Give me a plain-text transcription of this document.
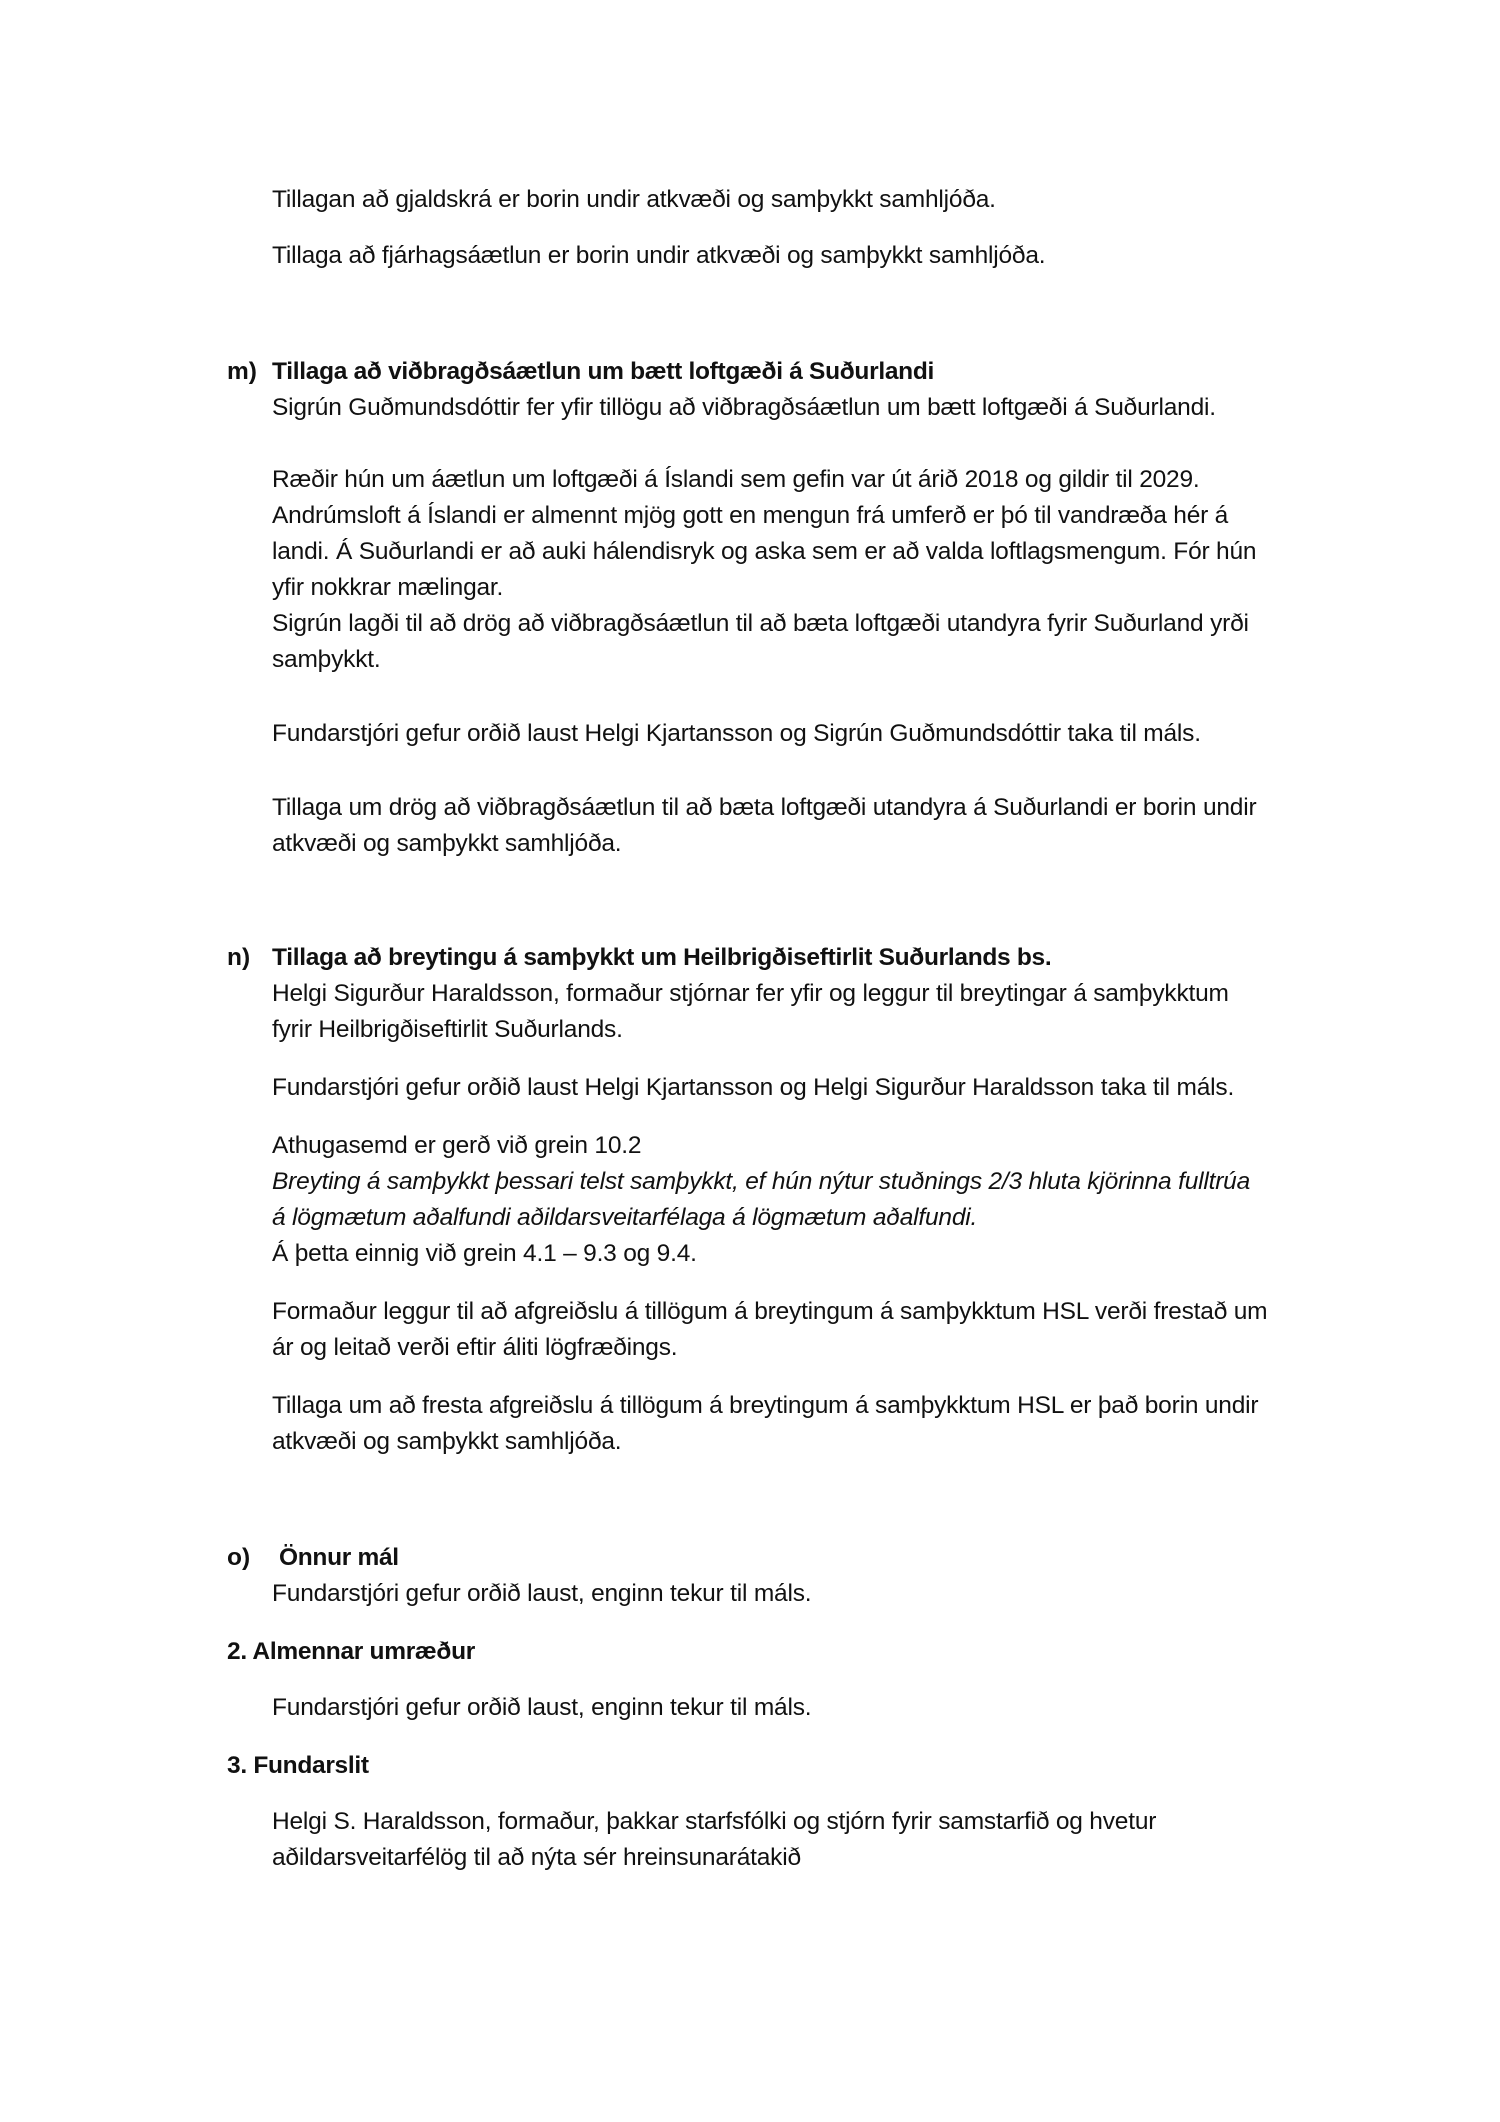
Tillagan að gjaldskrá er borin undir atkvæði og samþykkt samhljóða.
Tillaga að fjárhagsáætlun er borin undir atkvæði og samþykkt samhljóða.
m) Tillaga að viðbragðsáætlun um bætt loftgæði á Suðurlandi
Sigrún Guðmundsdóttir fer yfir tillögu að viðbragðsáætlun um bætt loftgæði á Suðurlandi.
Ræðir hún um áætlun um loftgæði á Íslandi sem gefin var út árið 2018 og gildir til 2029.
Andrúmsloft á Íslandi er almennt mjög gott en mengun frá umferð er þó til vandræða hér á
landi. Á Suðurlandi er að auki hálendisryk og aska sem er að valda loftlagsmengum. Fór hún
yfir nokkrar mælingar.
Sigrún lagði til að drög að viðbragðsáætlun til að bæta loftgæði utandyra fyrir Suðurland yrði
samþykkt.
Fundarstjóri gefur orðið laust Helgi Kjartansson og Sigrún Guðmundsdóttir taka til máls.
Tillaga um drög að viðbragðsáætlun til að bæta loftgæði utandyra á Suðurlandi er borin undir
atkvæði og samþykkt samhljóða.
n) Tillaga að breytingu á samþykkt um Heilbrigðiseftirlit Suðurlands bs.
Helgi Sigurður Haraldsson, formaður stjórnar fer yfir og leggur til breytingar á samþykktum
fyrir Heilbrigðiseftirlit Suðurlands.
Fundarstjóri gefur orðið laust Helgi Kjartansson og Helgi Sigurður Haraldsson taka til máls.
Athugasemd er gerð við grein 10.2
Breyting á samþykkt þessari telst samþykkt, ef hún nýtur stuðnings 2/3 hluta kjörinna fulltrúa
á lögmætum aðalfundi aðildarsveitarfélaga á lögmætum aðalfundi.
Á þetta einnig við grein 4.1 – 9.3 og 9.4.
Formaður leggur til að afgreiðslu á tillögum á breytingum á samþykktum HSL verði frestað um
ár og leitað verði eftir áliti lögfræðings.
Tillaga um að fresta afgreiðslu á tillögum á breytingum á samþykktum HSL er það borin undir
atkvæði og samþykkt samhljóða.
o) Önnur mál
Fundarstjóri gefur orðið laust, enginn tekur til máls.
2. Almennar umræður
Fundarstjóri gefur orðið laust, enginn tekur til máls.
3. Fundarslit
Helgi S. Haraldsson, formaður, þakkar starfsfólki og stjórn fyrir samstarfið og hvetur
aðildarsveitarfélög til að nýta sér hreinsunarátakið
